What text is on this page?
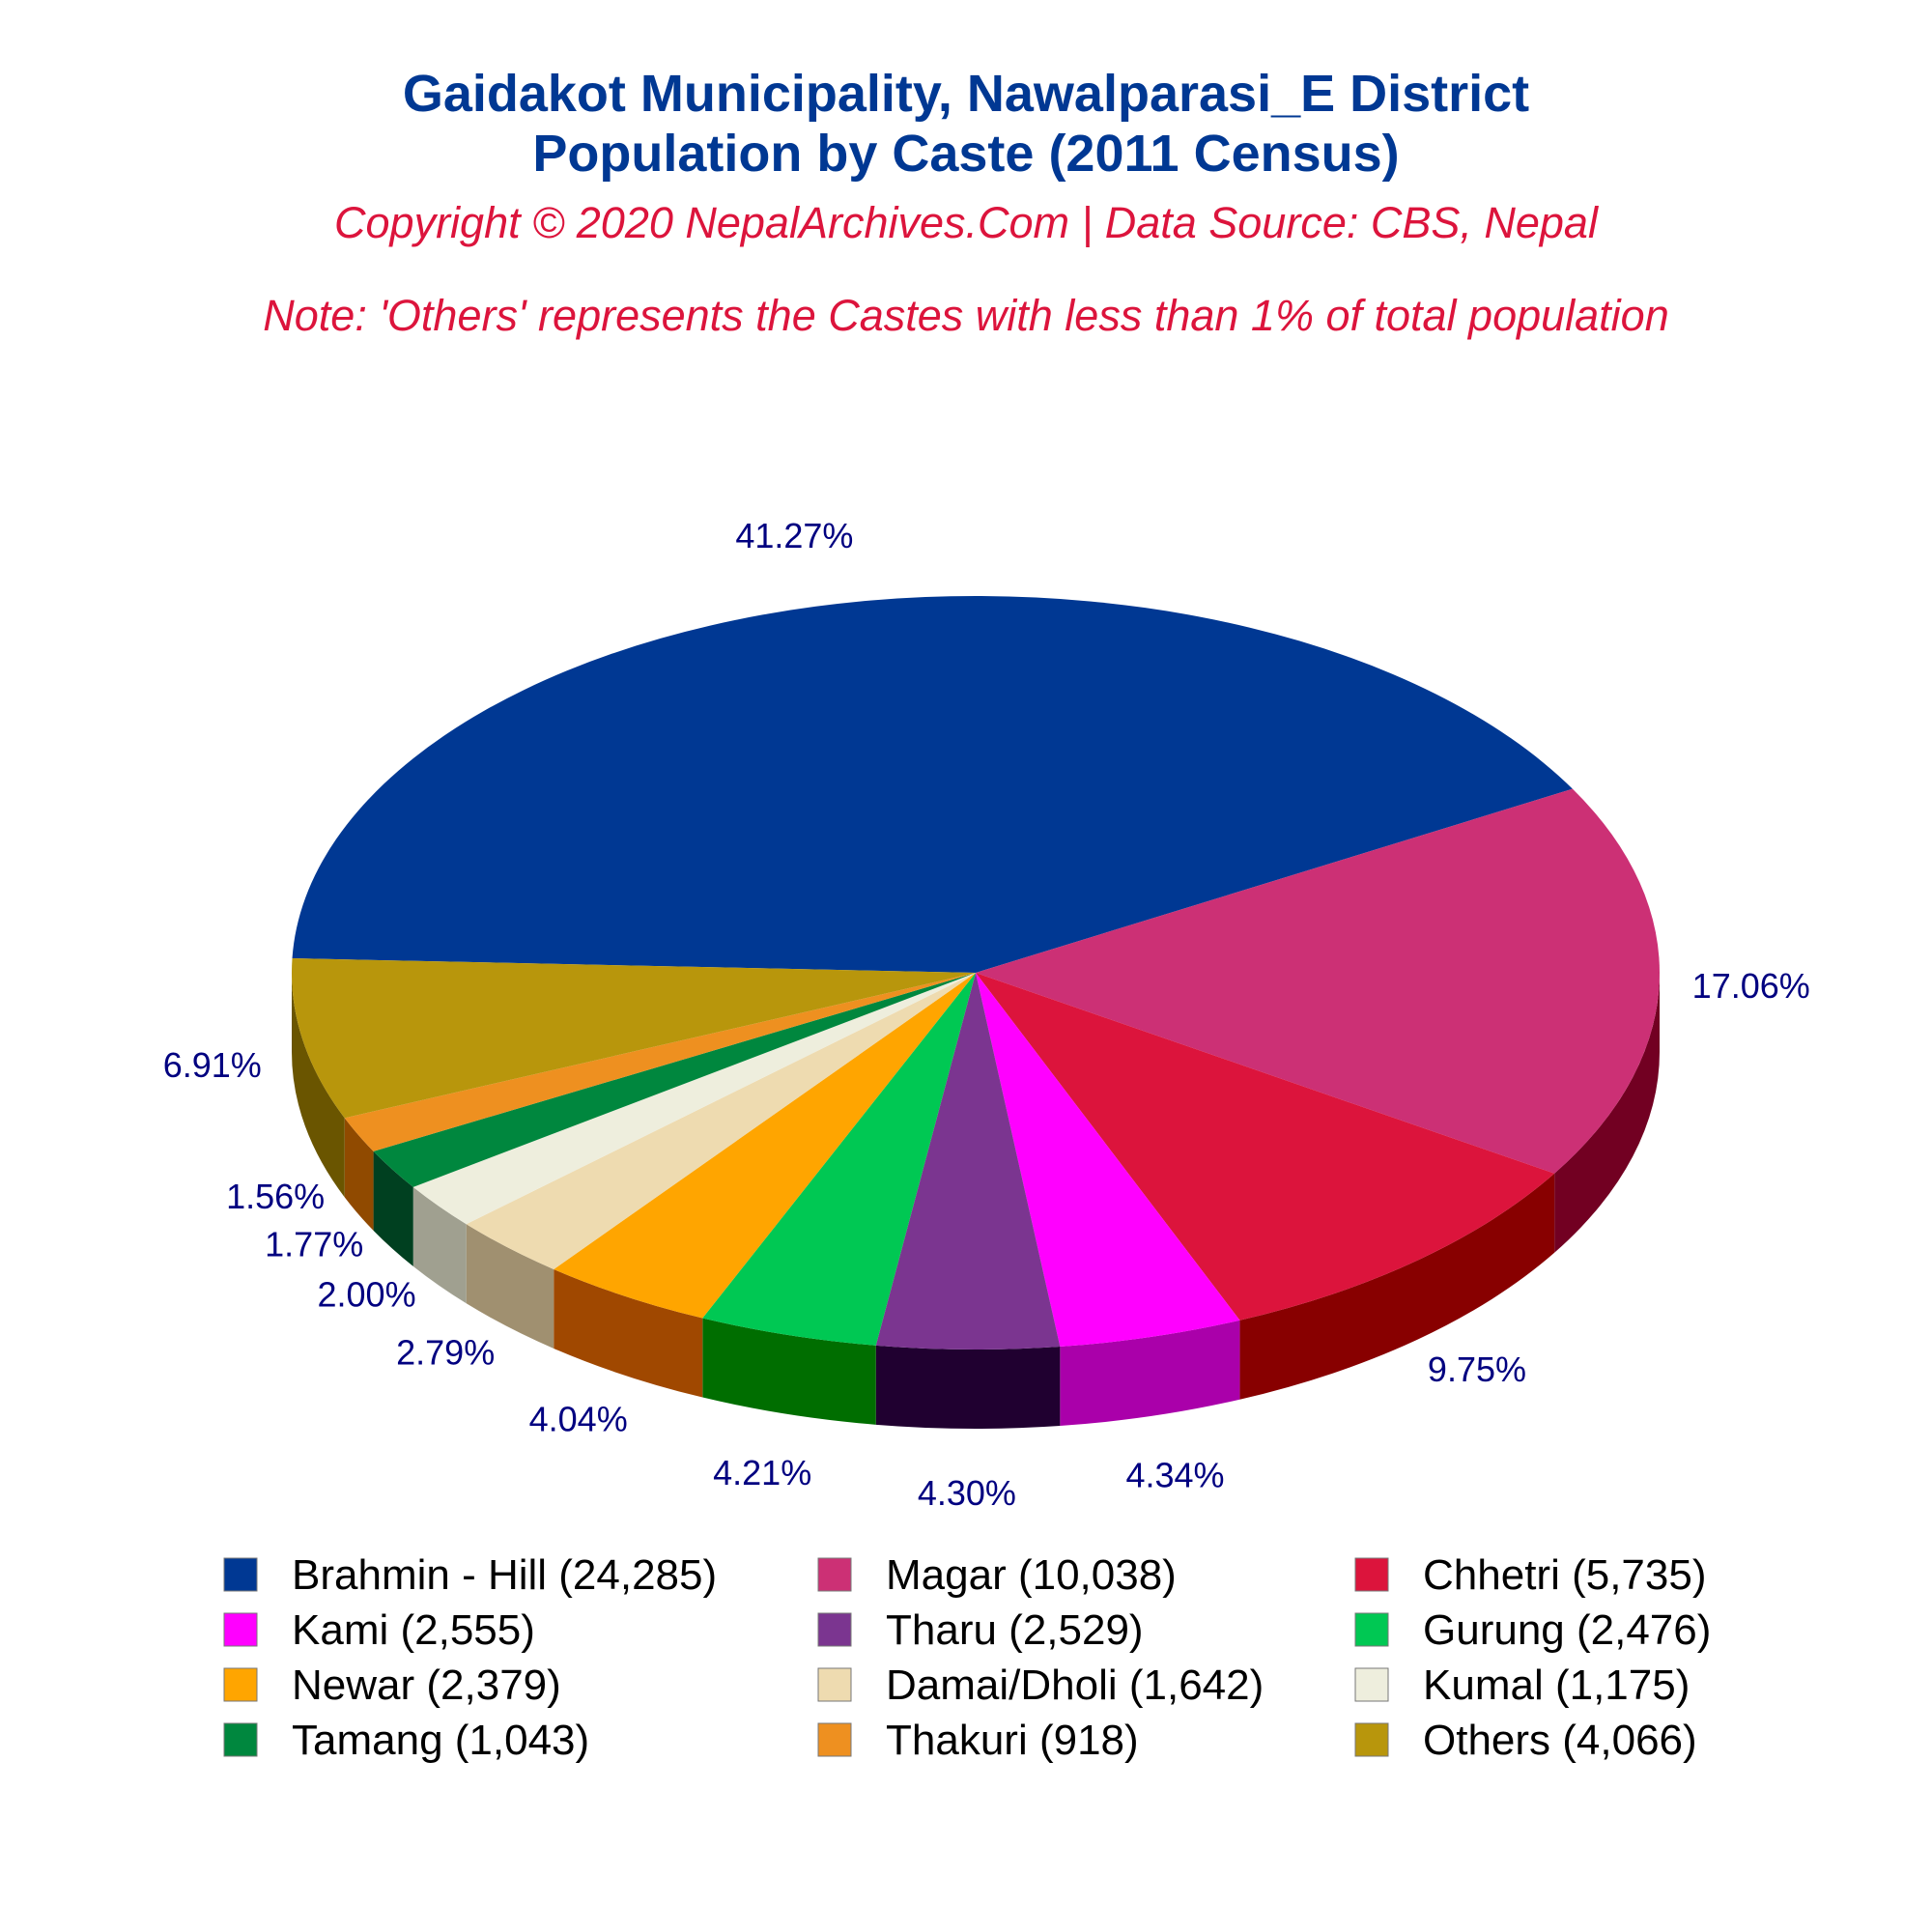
Gaidakot Municipality, Nawalparasi_E District
Population by Caste (2011 Census)
Copyright © 2020 NepalArchives.Com | Data Source: CBS, Nepal
Note: 'Others' represents the Castes with less than 1% of total population
41.27%
17.06%
9.75%
4.34%
4.30%
4.21%
4.04%
2.79%
2.00%
1.77%
1.56%
6.91%
Brahmin - Hill (24,285)	Magar (10,038)	Chhetri (5,735)
Kami (2,555)	Tharu (2,529)	Gurung (2,476)
Newar (2,379)	Damai/Dholi (1,642)	Kumal (1,175)
Tamang (1,043)	Thakuri (918)	Others (4,066)
